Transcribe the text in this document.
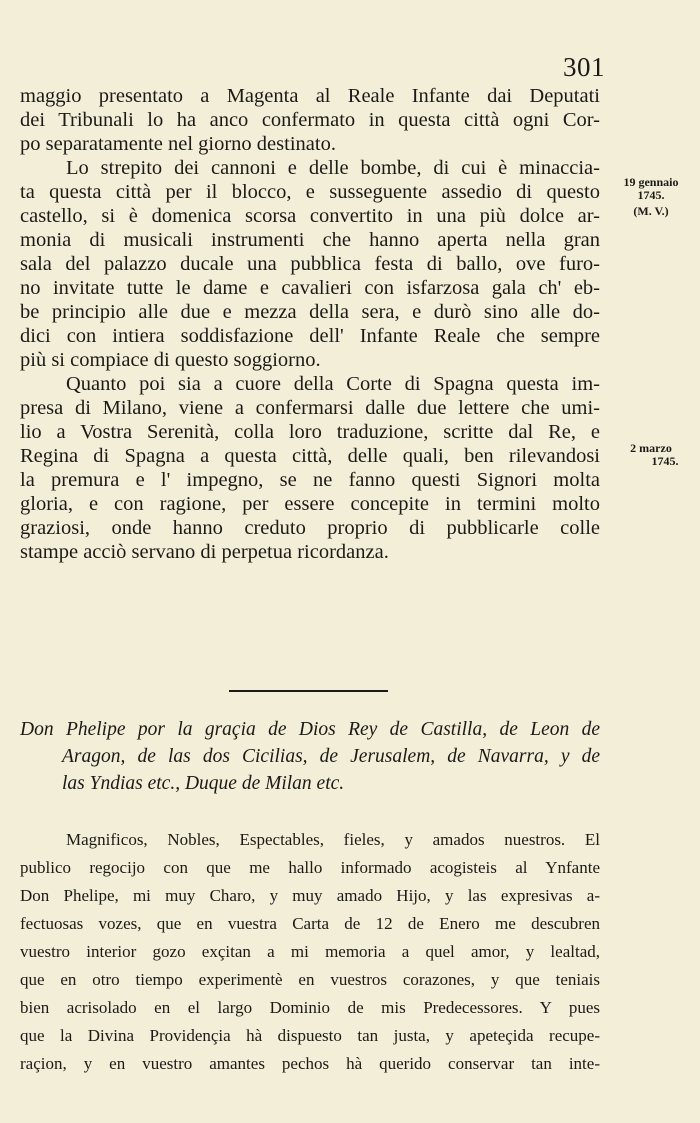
301
maggio presentato a Magenta al Reale Infante dai Deputati
dei Tribunali lo ha anco confermato in questa città ogni Cor-
po separatamente nel giorno destinato.
Lo strepito dei cannoni e delle bombe, di cui è minaccia-
ta questa città per il blocco, e susseguente assedio di questo
castello, si è domenica scorsa convertito in una più dolce ar-
monia di musicali instrumenti che hanno aperta nella gran
sala del palazzo ducale una pubblica festa di ballo, ove furo-
no invitate tutte le dame e cavalieri con isfarzosa gala ch' eb-
be principio alle due e mezza della sera, e durò sino alle do-
dici con intiera soddisfazione dell' Infante Reale che sempre
più si compiace di questo soggiorno.
Quanto poi sia a cuore della Corte di Spagna questa im-
presa di Milano, viene a confermarsi dalle due lettere che umi-
lio a Vostra Serenità, colla loro traduzione, scritte dal Re, e
Regina di Spagna a questa città, delle quali, ben rilevandosi
la premura e l' impegno, se ne fanno questi Signori molta
gloria, e con ragione, per essere concepite in termini molto
graziosi, onde hanno creduto proprio di pubblicarle colle
stampe acciò servano di perpetua ricordanza.
19 gennaio
1745.
(M. V.)
2 marzo
1745.
Don Phelipe por la graçia de Dios Rey de Castilla, de Leon de
Aragon, de las dos Cicilias, de Jerusalem, de Navarra, y de
las Yndias etc., Duque de Milan etc.
Magnificos, Nobles, Espectables, fieles, y amados nuestros. El
publico regocijo con que me hallo informado acogisteis al Ynfante
Don Phelipe, mi muy Charo, y muy amado Hijo, y las expresivas a-
fectuosas vozes, que en vuestra Carta de 12 de Enero me descubren
vuestro interior gozo exçitan a mi memoria a quel amor, y lealtad,
que en otro tiempo experimentè en vuestros corazones, y que teniais
bien acrisolado en el largo Dominio de mis Predecessores. Y pues
que la Divina Providençia hà dispuesto tan justa, y apeteçida recupe-
raçion, y en vuestro amantes pechos hà querido conservar tan inte-
